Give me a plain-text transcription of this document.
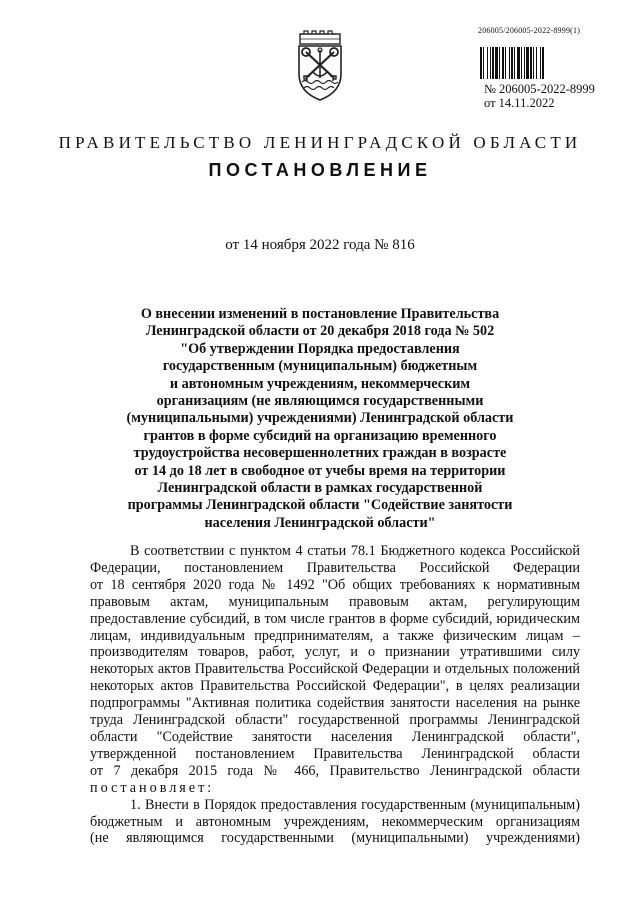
206005/206005-2022-8999(1)
№ 206005-2022-8999
от 14.11.2022
ПРАВИТЕЛЬСТВО ЛЕНИНГРАДСКОЙ ОБЛАСТИ
ПОСТАНОВЛЕНИЕ
от 14 ноября 2022 года № 816
О внесении изменений в постановление Правительства
Ленинградской области от 20 декабря 2018 года № 502
"Об утверждении Порядка предоставления
государственным (муниципальным) бюджетным
и автономным учреждениям, некоммерческим
организациям (не являющимся государственными
(муниципальными) учреждениями) Ленинградской области
грантов в форме субсидий на организацию временного
трудоустройства несовершеннолетних граждан в возрасте
от 14 до 18 лет в свободное от учебы время на территории
Ленинградской области в рамках государственной
программы Ленинградской области "Содействие занятости
населения Ленинградской области"
В соответствии с пунктом 4 статьи 78.1 Бюджетного кодекса Российской
Федерации, постановлением Правительства Российской Федерации
от 18 сентября 2020 года № 1492 "Об общих требованиях к нормативным
правовым актам, муниципальным правовым актам, регулирующим
предоставление субсидий, в том числе грантов в форме субсидий, юридическим
лицам, индивидуальным предпринимателям, а также физическим лицам –
производителям товаров, работ, услуг, и о признании утратившими силу
некоторых актов Правительства Российской Федерации и отдельных положений
некоторых актов Правительства Российской Федерации", в целях реализации
подпрограммы "Активная политика содействия занятости населения на рынке
труда Ленинградской области" государственной программы Ленинградской
области "Содействие занятости населения Ленинградской области",
утвержденной постановлением Правительства Ленинградской области
от 7 декабря 2015 года № 466, Правительство Ленинградской области
постановляет:
1. Внести в Порядок предоставления государственным (муниципальным)
бюджетным и автономным учреждениям, некоммерческим организациям
(не являющимся государственными (муниципальными) учреждениями)
